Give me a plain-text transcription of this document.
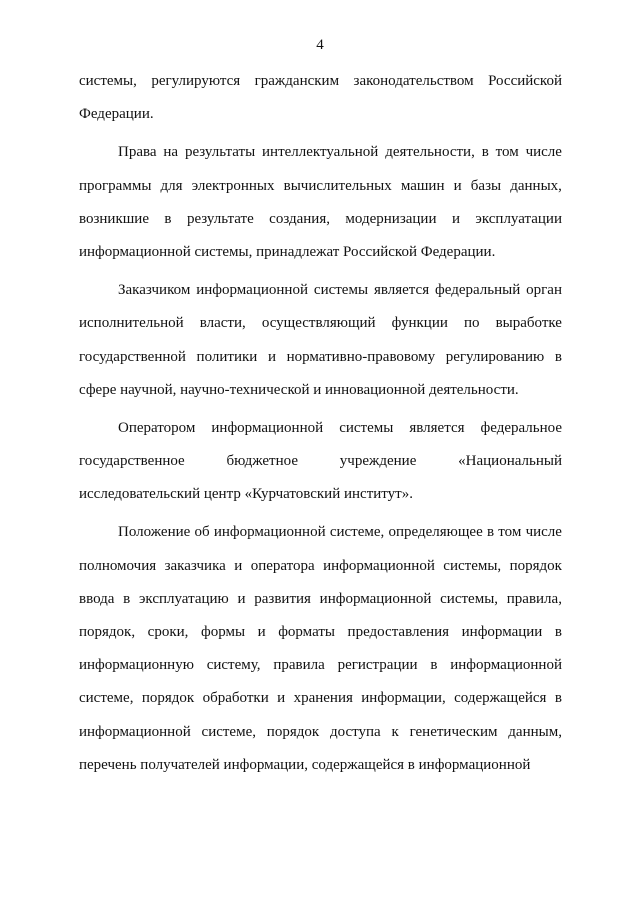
4
системы, регулируются гражданским законодательством Российской
Федерации.
Права на результаты интеллектуальной деятельности, в том числе
программы для электронных вычислительных машин и базы данных,
возникшие в результате создания, модернизации и эксплуатации
информационной системы, принадлежат Российской Федерации.
Заказчиком информационной системы является федеральный орган
исполнительной власти, осуществляющий функции по выработке
государственной политики и нормативно-правовому регулированию в
сфере научной, научно-технической и инновационной деятельности.
Оператором информационной системы является федеральное
государственное	бюджетное	учреждение	«Национальный
исследовательский центр «Курчатовский институт».
Положение об информационной системе, определяющее в том числе
полномочия заказчика и оператора информационной системы, порядок
ввода в эксплуатацию и развития информационной системы, правила,
порядок, сроки, формы и форматы предоставления информации в
информационную систему, правила регистрации в информационной
системе, порядок обработки и хранения информации, содержащейся в
информационной системе, порядок доступа к генетическим данным,
перечень получателей информации, содержащейся в информационной
